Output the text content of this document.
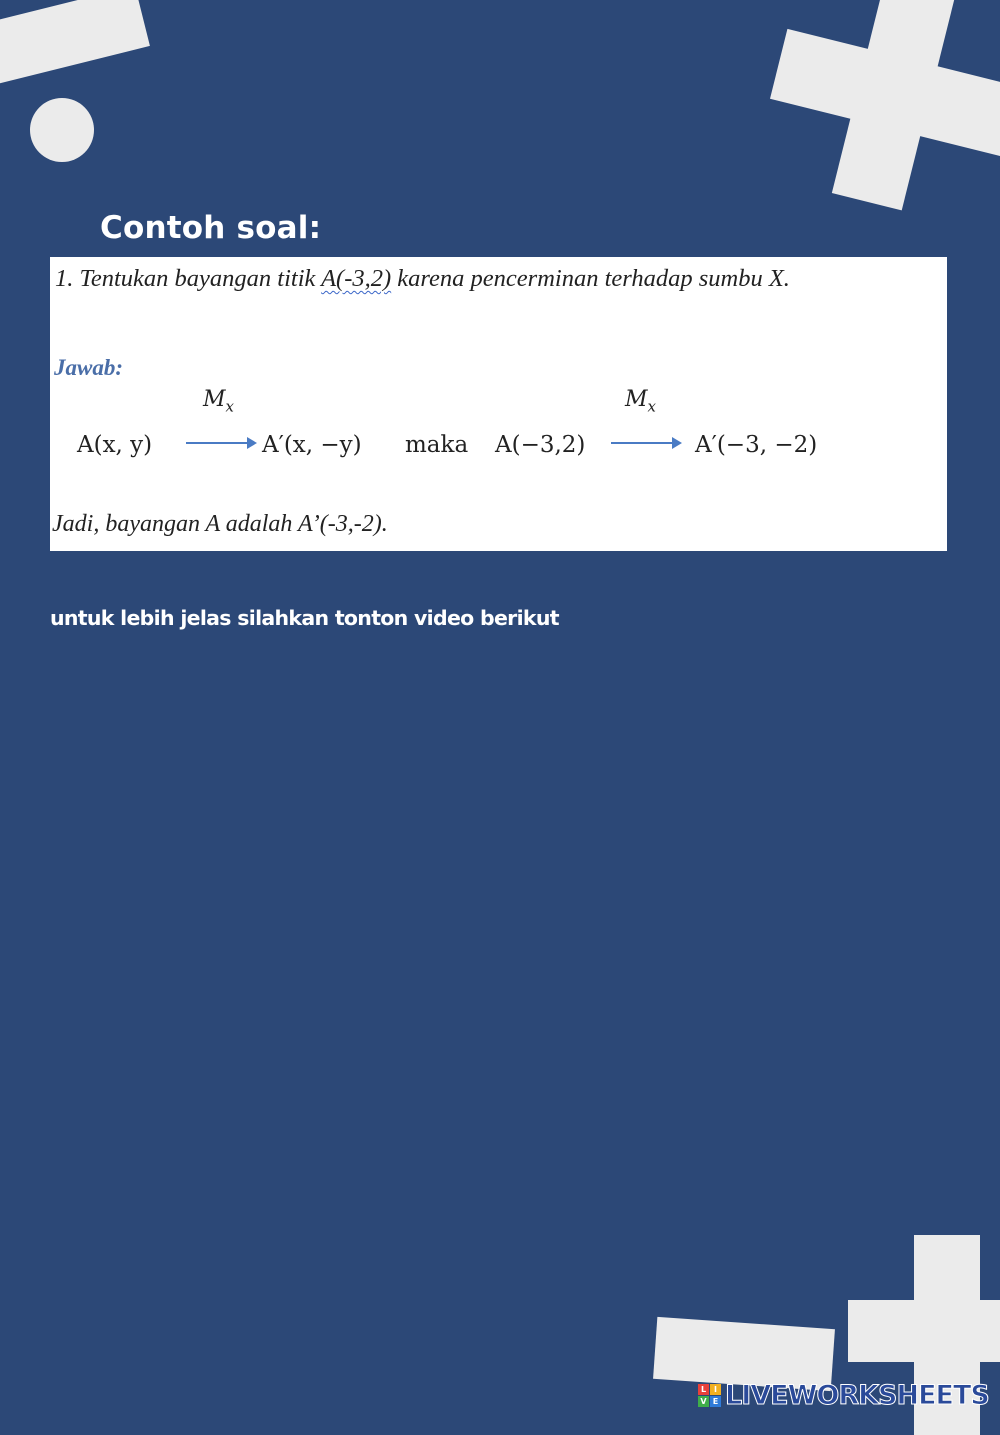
Contoh soal:
1. Tentukan bayangan titik A(-3,2) karena pencerminan terhadap sumbu X.
Jawab:
$M_x$	$M_x$
A(x, y)	A′(x, −y) maka A(−3,2)	A′(−3, −2)
Jadi, bayangan A adalah A’(-3,-2).

untuk lebih jelas silahkan tonton video berikut

L I
V E LIVEWORKSHEETS
